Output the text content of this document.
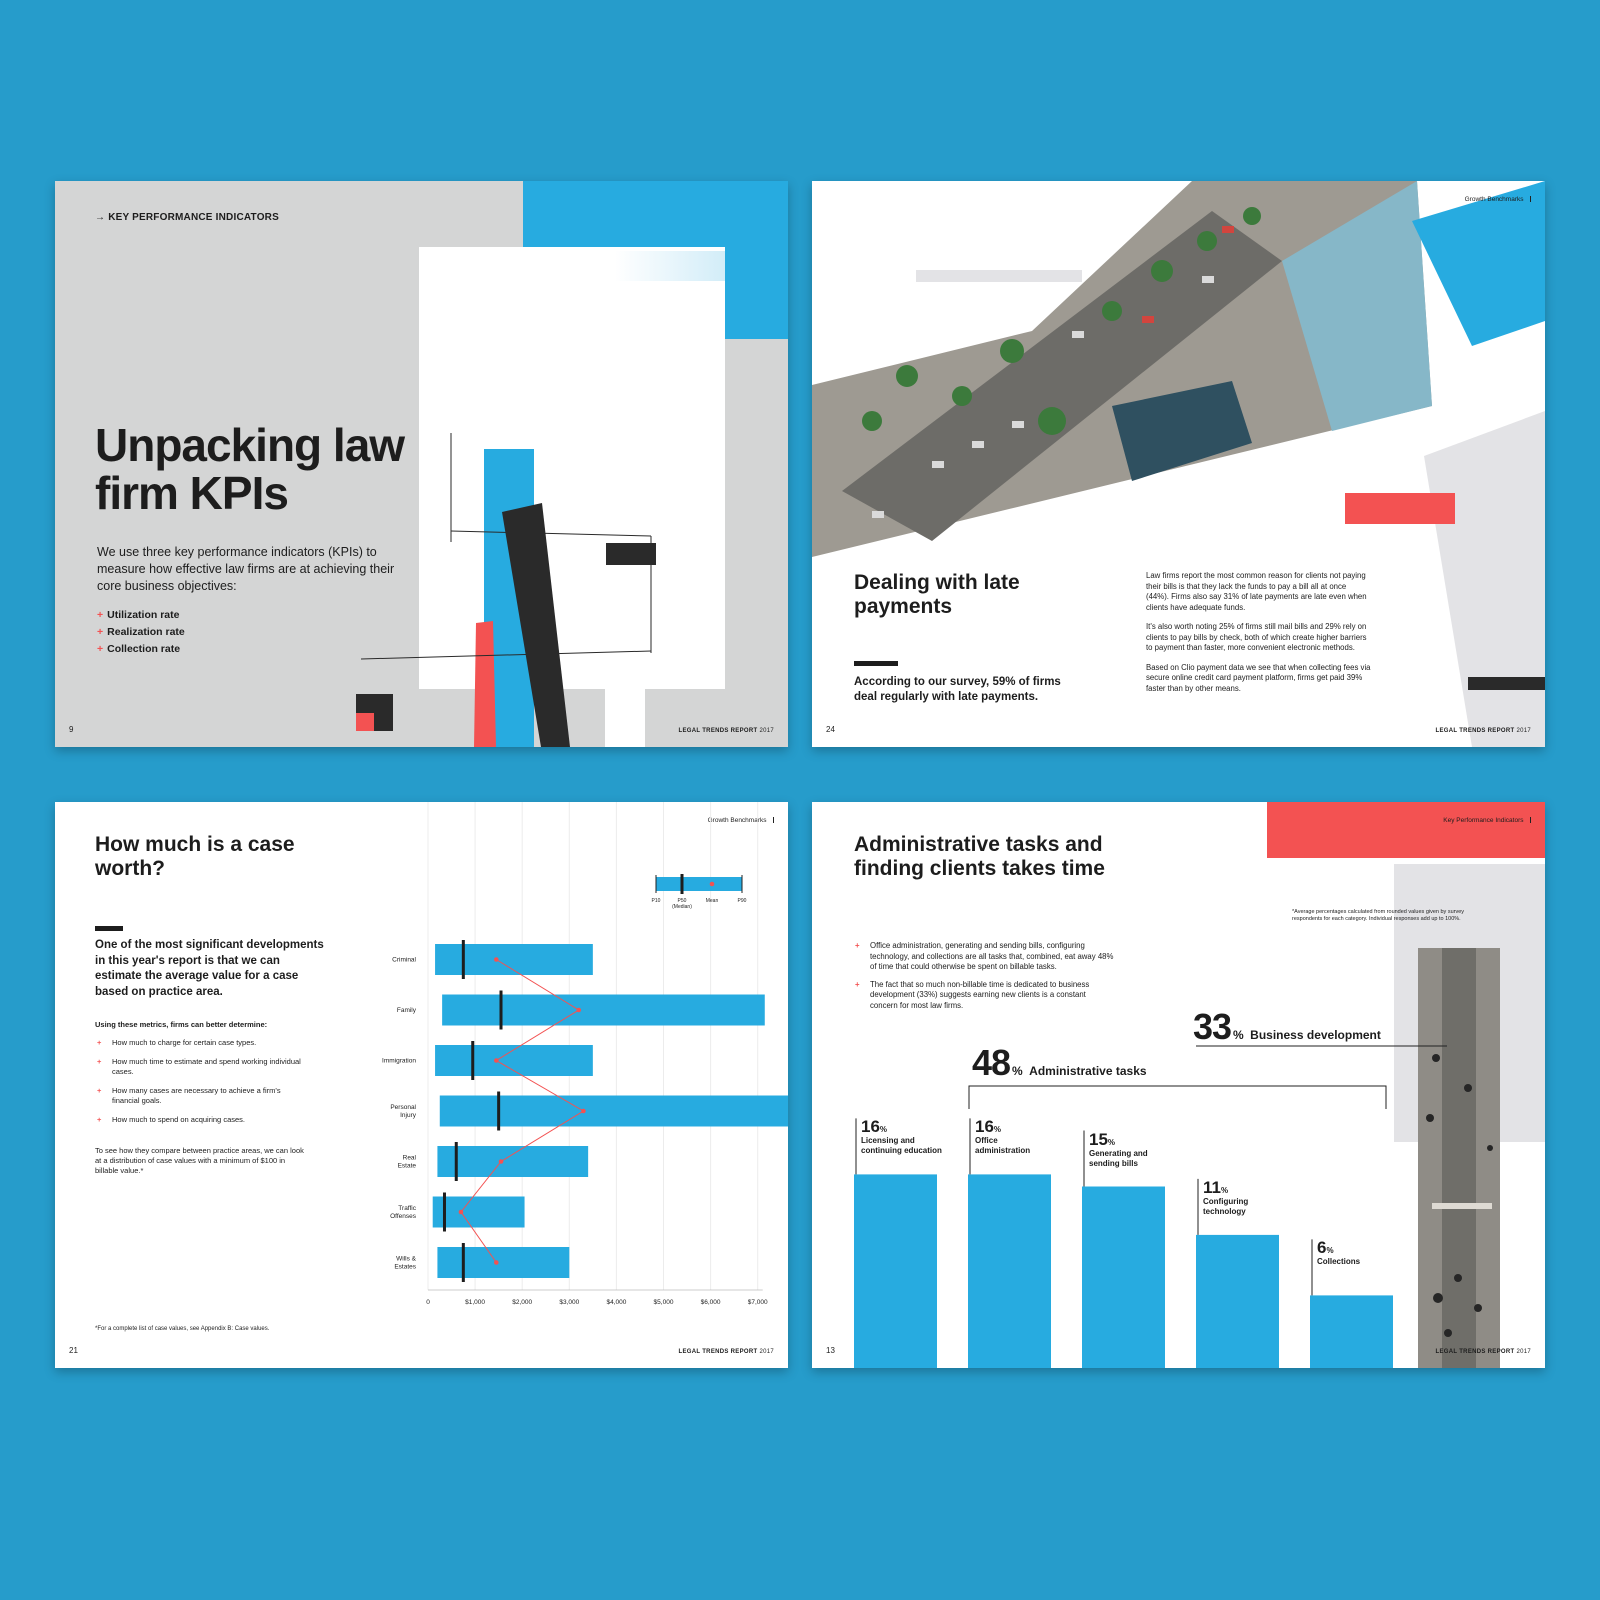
→ KEY PERFORMANCE INDICATORS
Unpacking law firm KPIs

We use three key performance indicators (KPIs) to measure how effective law firms are at achieving their core business objectives:

+ Utilization rate
+ Realization rate
+ Collection rate
9	LEGAL TRENDS REPORT 2017
Growth Benchmarks
Dealing with late payments

According to our survey, 59% of firms deal regularly with late payments.

Law firms report the most common reason for clients not paying their bills is that they lack the funds to pay a bill all at once (44%). Firms also say 31% of late payments are late even when clients have adequate funds.

It's also worth noting 25% of firms still mail bills and 29% rely on clients to pay bills by check, both of which create higher barriers to payment than faster, more convenient electronic methods.

Based on Clio payment data we see that when collecting fees via secure online credit card payment platform, firms get paid 39% faster than by other means.

24	LEGAL TRENDS REPORT 2017
Growth Benchmarks
How much is a case worth?

One of the most significant developments in this year's report is that we can estimate the average value for a case based on practice area.

Using these metrics, firms can better determine:

+ How much to charge for certain case types.
+ How much time to estimate and spend working individual cases.
+ How many cases are necessary to achieve a firm's financial goals.
+ How much to spend on acquiring cases.

To see how they compare between practice areas, we can look at a distribution of case values with a minimum of $100 in billable value.*

0	$1,000	$2,000	$3,000	$4,000	$5,000	$6,000	$7,000
Criminal
Family
Immigration
Personal
Injury
Real
Estate
Traffic
Offenses
Wills &
Estates
P10	P50
(Median)
Mean	P90

*For a complete list of case values, see Appendix B: Case values.

21	LEGAL TRENDS REPORT 2017
Key Performance Indicators
Administrative tasks and finding clients takes time

*Average percentages calculated from rounded values given by survey respondents for each category. Individual responses add up to 100%.

+ Office administration, generating and sending bills, configuring technology, and collections are all tasks that, combined, eat away 48% of time that could otherwise be spent on billable tasks.
+ The fact that so much non-billable time is dedicated to business development (33%) suggests earning new clients is a constant concern for most law firms.
48 % Administrative tasks
33 % Business development
16%
Licensing and
continuing education
16%
Office
administration
15%
Generating and
sending bills
11%
Configuring
technology
6%
Collections
13	LEGAL TRENDS REPORT 2017
